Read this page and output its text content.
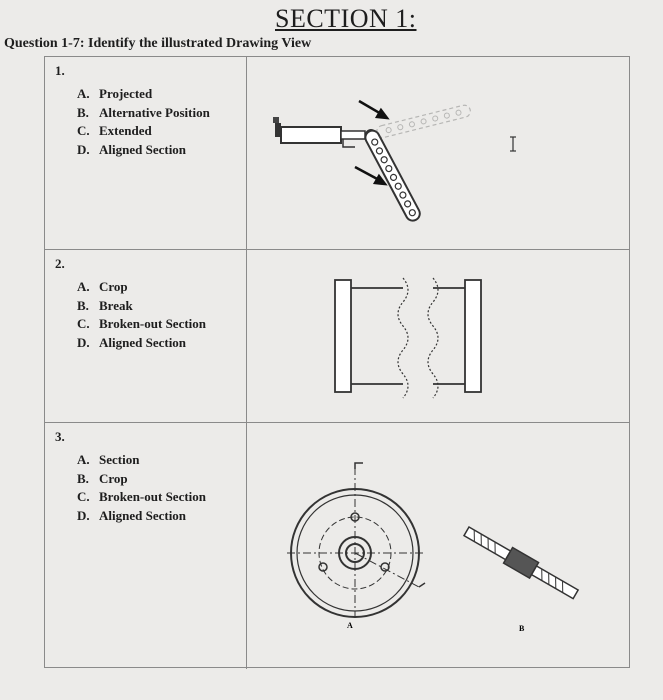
SECTION 1:
Question 1-7: Identify the illustrated Drawing View
1.
A. Projected
B. Alternative Position
C. Extended
D. Aligned Section
2.
A. Crop
B. Break
C. Broken-out Section
D. Aligned Section
3.
A. Section
B. Crop
C. Broken-out Section
D. Aligned Section
A	B
